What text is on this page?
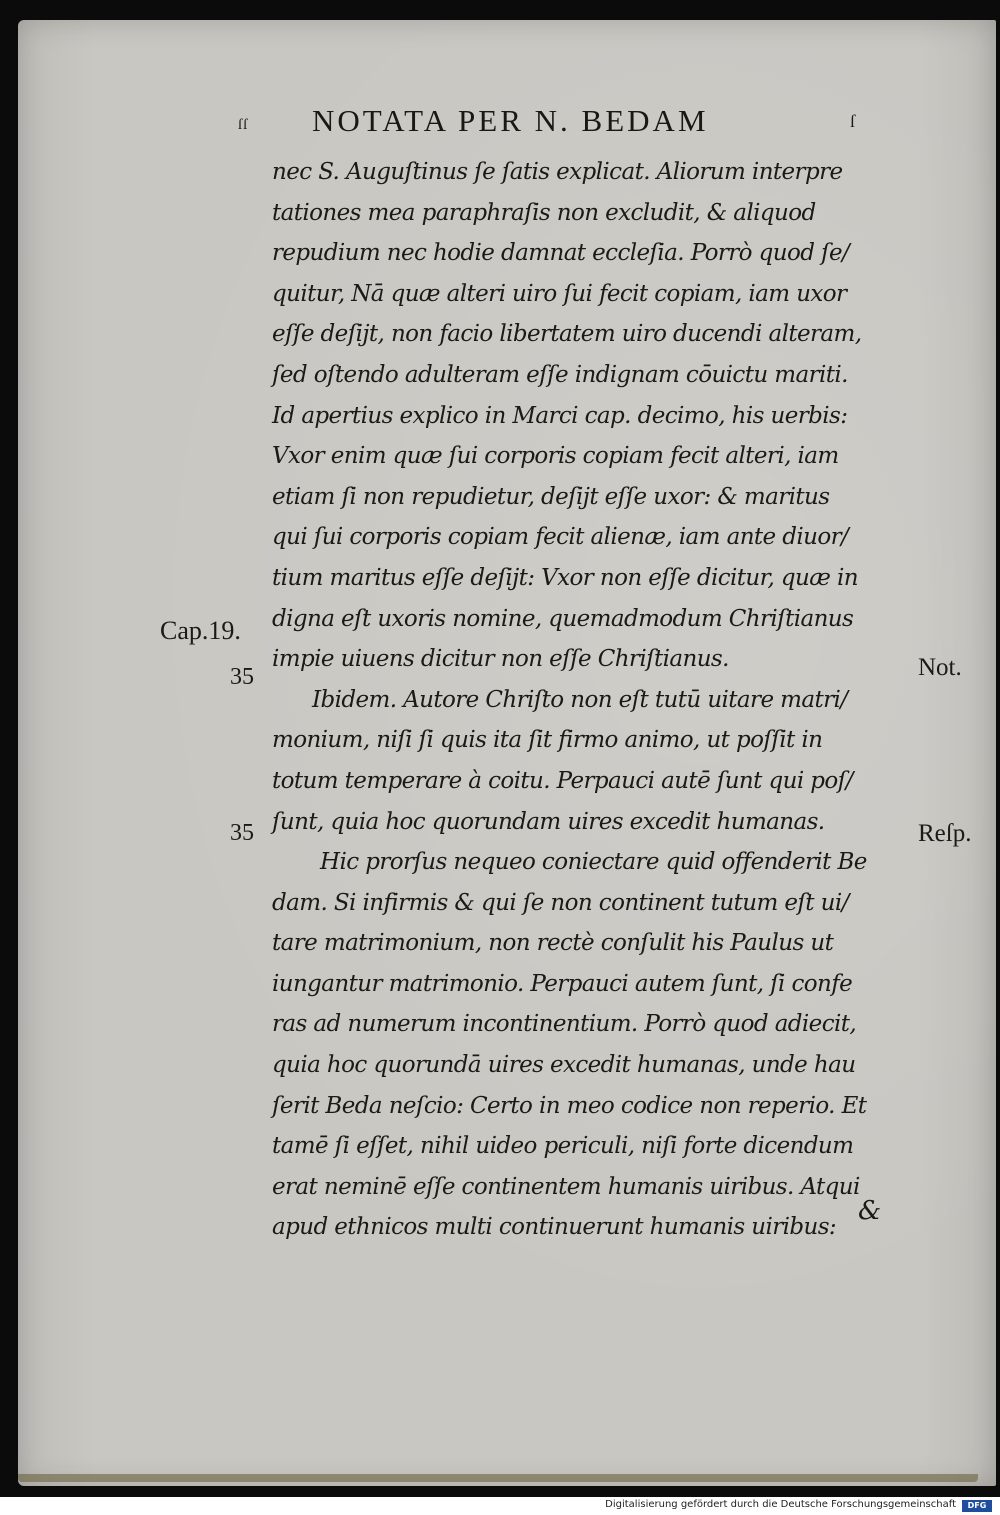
ſſ NOTATA PER N. BEDAM	ſ
nec S. Auguſtinus ſe ſatis explicat. Aliorum interpre
tationes mea paraphraſis non excludit, & aliquod
repudium nec hodie damnat eccleſia. Porrò quod ſe/
quitur, Nā quæ alteri uiro ſui fecit copiam, iam uxor
eſſe deſijt, non facio libertatem uiro ducendi alteram,
ſed oſtendo adulteram eſſe indignam cōuictu mariti.
Id apertius explico in Marci cap. decimo, his uerbis:
Vxor enim quæ ſui corporis copiam fecit alteri, iam
etiam ſi non repudietur, deſijt eſſe uxor: & maritus
qui ſui corporis copiam fecit alienæ, iam ante diuor/
tium maritus eſſe deſijt: Vxor non eſſe dicitur, quæ in
digna eſt uxoris nomine, quemadmodum Chriſtianus
impie uiuens dicitur non eſſe Chriſtianus.
Ibidem. Autore Chriſto non eſt tutū uitare matri/
monium, niſi ſi quis ita ſit firmo animo, ut poſſit in
totum temperare à coitu. Perpauci autē ſunt qui poſ/
ſunt, quia hoc quorundam uires excedit humanas.
Hic prorſus nequeo coniectare quid offenderit Be
dam. Si infirmis & qui ſe non continent tutum eſt ui/
tare matrimonium, non rectè conſulit his Paulus ut
iungantur matrimonio. Perpauci autem ſunt, ſi confe
ras ad numerum incontinentium. Porrò quod adiecit,
quia hoc quorundā uires excedit humanas, unde hau
ſerit Beda neſcio: Certo in meo codice non reperio. Et
tamē ſi eſſet, nihil uideo periculi, niſi forte dicendum
erat neminē eſſe continentem humanis uiribus. Atqui
apud ethnicos multi continuerunt humanis uiribus:
Cap.19.
35
35
Not.
Reſp.
&
Digitalisierung gefördert durch die Deutsche Forschungsgemeinschaft	DFG
